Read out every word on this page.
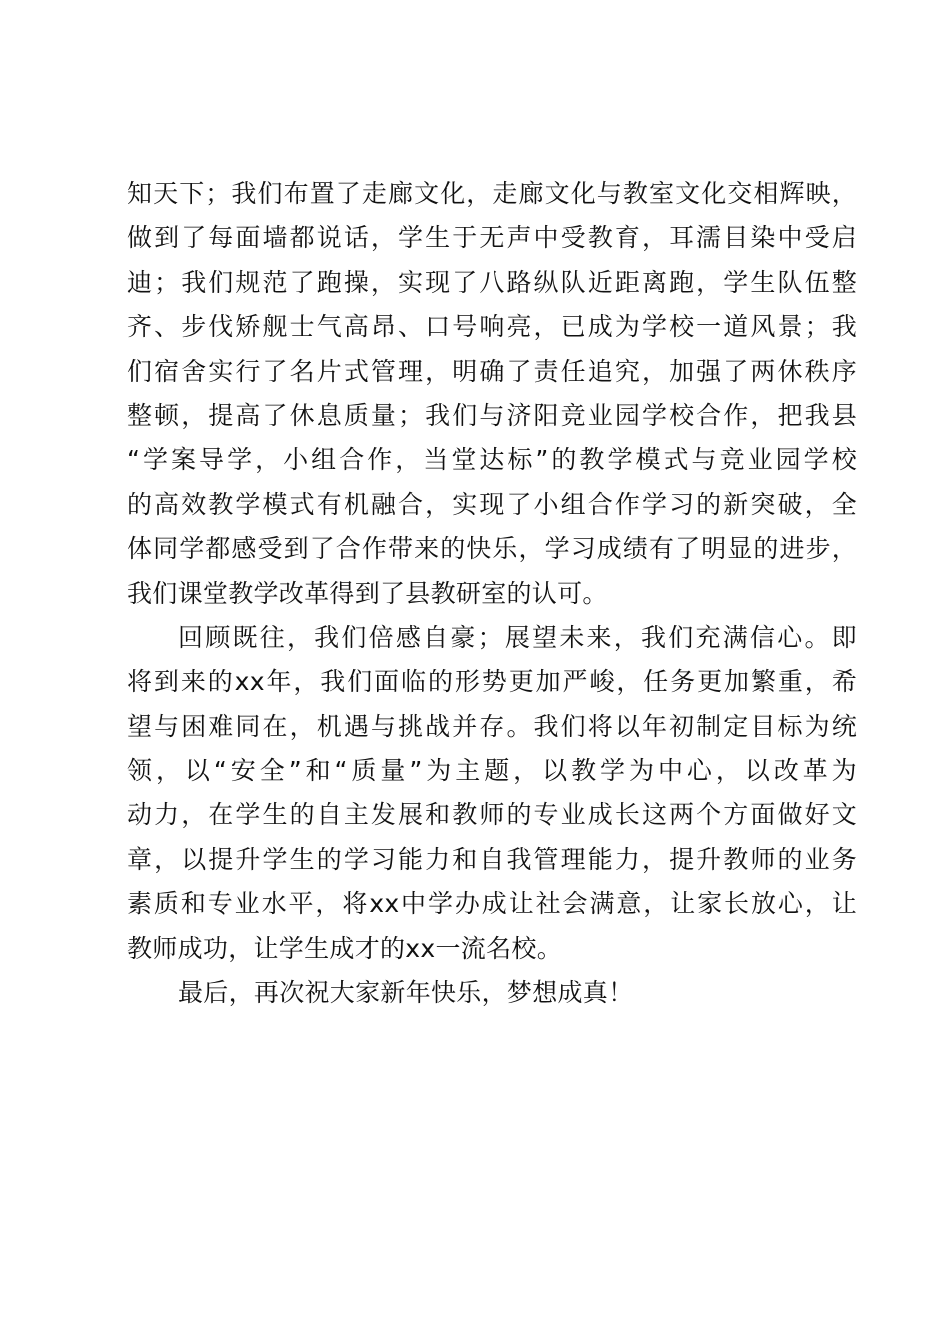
知天下；我们布置了走廊文化，走廊文化与教室文化交相辉映，
做到了每面墙都说话，学生于无声中受教育，耳濡目染中受启
迪；我们规范了跑操，实现了八路纵队近距离跑，学生队伍整
齐、步伐矫舰士气高昂、口号响亮，已成为学校一道风景；我
们宿舍实行了名片式管理，明确了责任追究，加强了两休秩序
整顿，提高了休息质量；我们与济阳竞业园学校合作，把我县
“学案导学，小组合作，当堂达标”的教学模式与竞业园学校
的高效教学模式有机融合，实现了小组合作学习的新突破，全
体同学都感受到了合作带来的快乐，学习成绩有了明显的进步，
我们课堂教学改革得到了县教研室的认可。
回顾既往，我们倍感自豪；展望未来，我们充满信心。即
将到来的xx年，我们面临的形势更加严峻，任务更加繁重，希
望与困难同在，机遇与挑战并存。我们将以年初制定目标为统
领，以“安全”和“质量”为主题，以教学为中心，以改革为
动力，在学生的自主发展和教师的专业成长这两个方面做好文
章，以提升学生的学习能力和自我管理能力，提升教师的业务
素质和专业水平，将xx中学办成让社会满意，让家长放心，让
教师成功，让学生成才的xx一流名校。
最后，再次祝大家新年快乐，梦想成真！
